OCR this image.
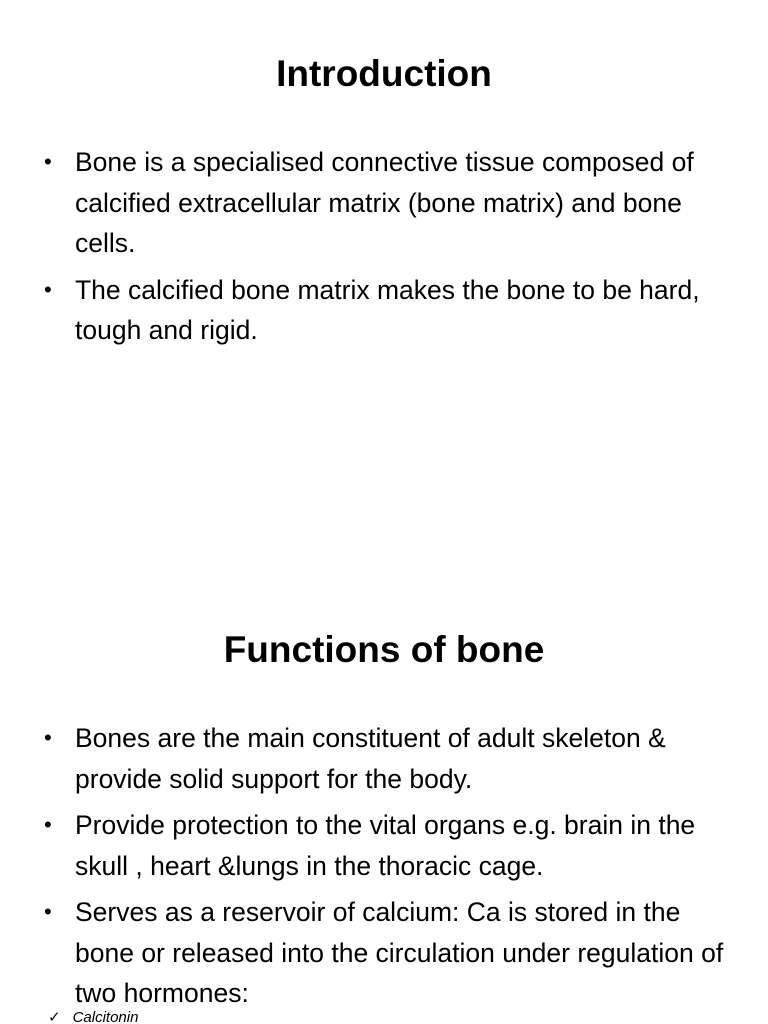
Introduction
• Bone is a specialised connective tissue composed of calcified extracellular matrix (bone matrix) and bone cells.
• The calcified bone matrix makes the bone to be hard, tough and rigid.
Functions of bone
• Bones are the main constituent of adult skeleton & provide solid support for the body.
• Provide protection to the vital organs e.g. brain in the skull , heart &lungs in the thoracic cage.
• Serves as a reservoir of calcium: Ca is stored in the bone or released into the circulation under regulation of two hormones:
✓ Calcitonin
